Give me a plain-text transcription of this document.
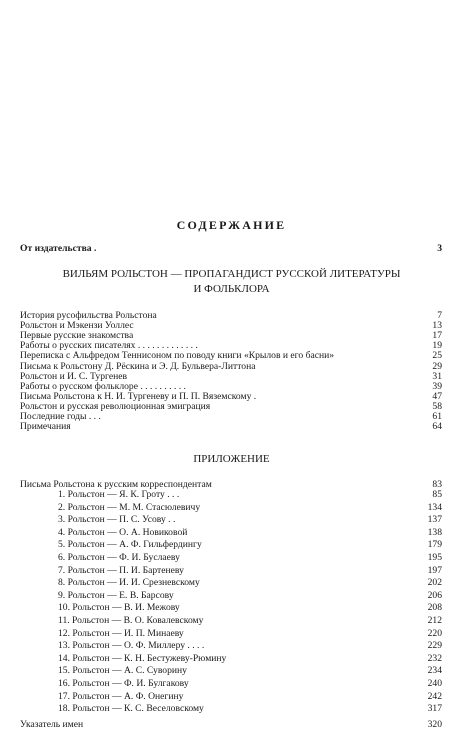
СОДЕРЖАНИЕ
От издательства .	3
ВИЛЬЯМ РОЛЬСТОН — ПРОПАГАНДИСТ РУССКОЙ ЛИТЕРАТУРЫ
И ФОЛЬКЛОРА
История русофильства Рольстона	7
Рольстон и Мэкензи Уоллес	13
Первые русские знакомства	17
Работы о русских писателях . . . . . . . . . . . . .	19
Переписка с Альфредом Теннисоном по поводу книги «Крылов и его басни»	25
Письма к Рольстону Д. Рёскина и Э. Д. Бульвера-Литтона	29
Рольстон и И. С. Тургенев	31
Работы о русском фольклоре . . . . . . . . . .	39
Письма Рольстона к Н. И. Тургеневу и П. П. Вяземскому .	47
Рольстон и русская революционная эмиграция	58
Последние годы . . .	61
Примечания	64
ПРИЛОЖЕНИЕ
Письма Рольстона к русским корреспондентам	83
1. Рольстон — Я. К. Гроту . . .	85
2. Рольстон — М. М. Стасюлевичу	134
3. Рольстон — П. С. Усову . .	137
4. Рольстон — О. А. Новиковой	138
5. Рольстон — А. Ф. Гильфердингу	179
6. Рольстон — Ф. И. Буслаеву	195
7. Рольстон — П. И. Бартеневу	197
8. Рольстон — И. И. Срезневскому	202
9. Рольстон — Е. В. Барсову	206
10. Рольстон — В. И. Межову	208
11. Рольстон — В. О. Ковалевскому	212
12. Рольстон — И. П. Минаеву	220
13. Рольстон — О. Ф. Миллеру . . . .	229
14. Рольстон — К. Н. Бестужеву-Рюмину	232
15. Рольстон — А. С. Суворину	234
16. Рольстон — Ф. И. Булгакову	240
17. Рольстон — А. Ф. Онегину	242
18. Рольстон — К. С. Веселовскому	317
Указатель имен	320
